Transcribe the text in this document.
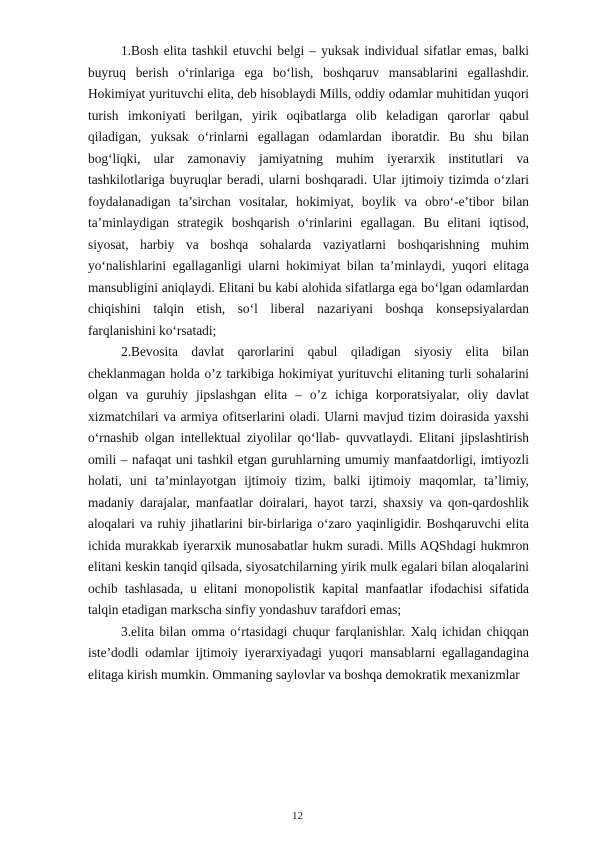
1.Bosh elita tashkil etuvchi belgi – yuksak individual sifatlar emas, balki buyruq berish o‘rinlariga ega bo‘lish, boshqaruv mansablarini egallashdir. Hokimiyat yurituvchi elita, deb hisoblaydi Mills, oddiy odamlar muhitidan yuqori turish imkoniyati berilgan, yirik oqibatlarga olib keladigan qarorlar qabul qiladigan, yuksak o‘rinlarni egallagan odamlardan iboratdir. Bu shu bilan bog‘liqki, ular zamonaviy jamiyatning muhim iyerarxik institutlari va tashkilotlariga buyruqlar beradi, ularni boshqaradi. Ular ijtimoiy tizimda o‘zlari foydalanadigan ta’sirchan vositalar, hokimiyat, boylik va obro‘-e’tibor bilan ta’minlaydigan strategik boshqarish o‘rinlarini egallagan. Bu elitani iqtisod, siyosat, harbiy va boshqa sohalarda vaziyatlarni boshqarishning muhim yo‘nalishlarini egallaganligi ularni hokimiyat bilan ta’minlaydi, yuqori elitaga mansubligini aniqlaydi. Elitani bu kabi alohida sifatlarga ega bo‘lgan odamlardan chiqishini talqin etish, so‘l liberal nazariyani boshqa konsepsiyalardan farqlanishini ko‘rsatadi;

2.Bevosita davlat qarorlarini qabul qiladigan siyosiy elita bilan cheklanmagan holda o’z tarkibiga hokimiyat yurituvchi elitaning turli sohalarini olgan va guruhiy jipslashgan elita – o’z ichiga korporatsiyalar, oliy davlat xizmatchilari va armiya ofitserlarini oladi. Ularni mavjud tizim doirasida yaxshi o‘rnashib olgan intellektual ziyolilar qo‘llab- quvvatlaydi. Elitani jipslashtirish omili – nafaqat uni tashkil etgan guruhlarning umumiy manfaatdorligi, imtiyozli holati, uni ta’minlayotgan ijtimoiy tizim, balki ijtimoiy maqomlar, ta’limiy, madaniy darajalar, manfaatlar doiralari, hayot tarzi, shaxsiy va qon-qardoshlik aloqalari va ruhiy jihatlarini bir-birlariga o‘zaro yaqinligidir. Boshqaruvchi elita ichida murakkab iyerarxik munosabatlar hukm suradi. Mills AQShdagi hukmron elitani keskin tanqid qilsada, siyosatchilarning yirik mulk egalari bilan aloqalarini ochib tashlasada, u elitani monopolistik kapital manfaatlar ifodachisi sifatida talqin etadigan markscha sinfiy yondashuv tarafdori emas;

3.elita bilan omma o‘rtasidagi chuqur farqlanishlar. Xalq ichidan chiqqan iste’dodli odamlar ijtimoiy iyerarxiyadagi yuqori mansablarni egallagandagina elitaga kirish mumkin. Ommaning saylovlar va boshqa demokratik mexanizmlar

12
